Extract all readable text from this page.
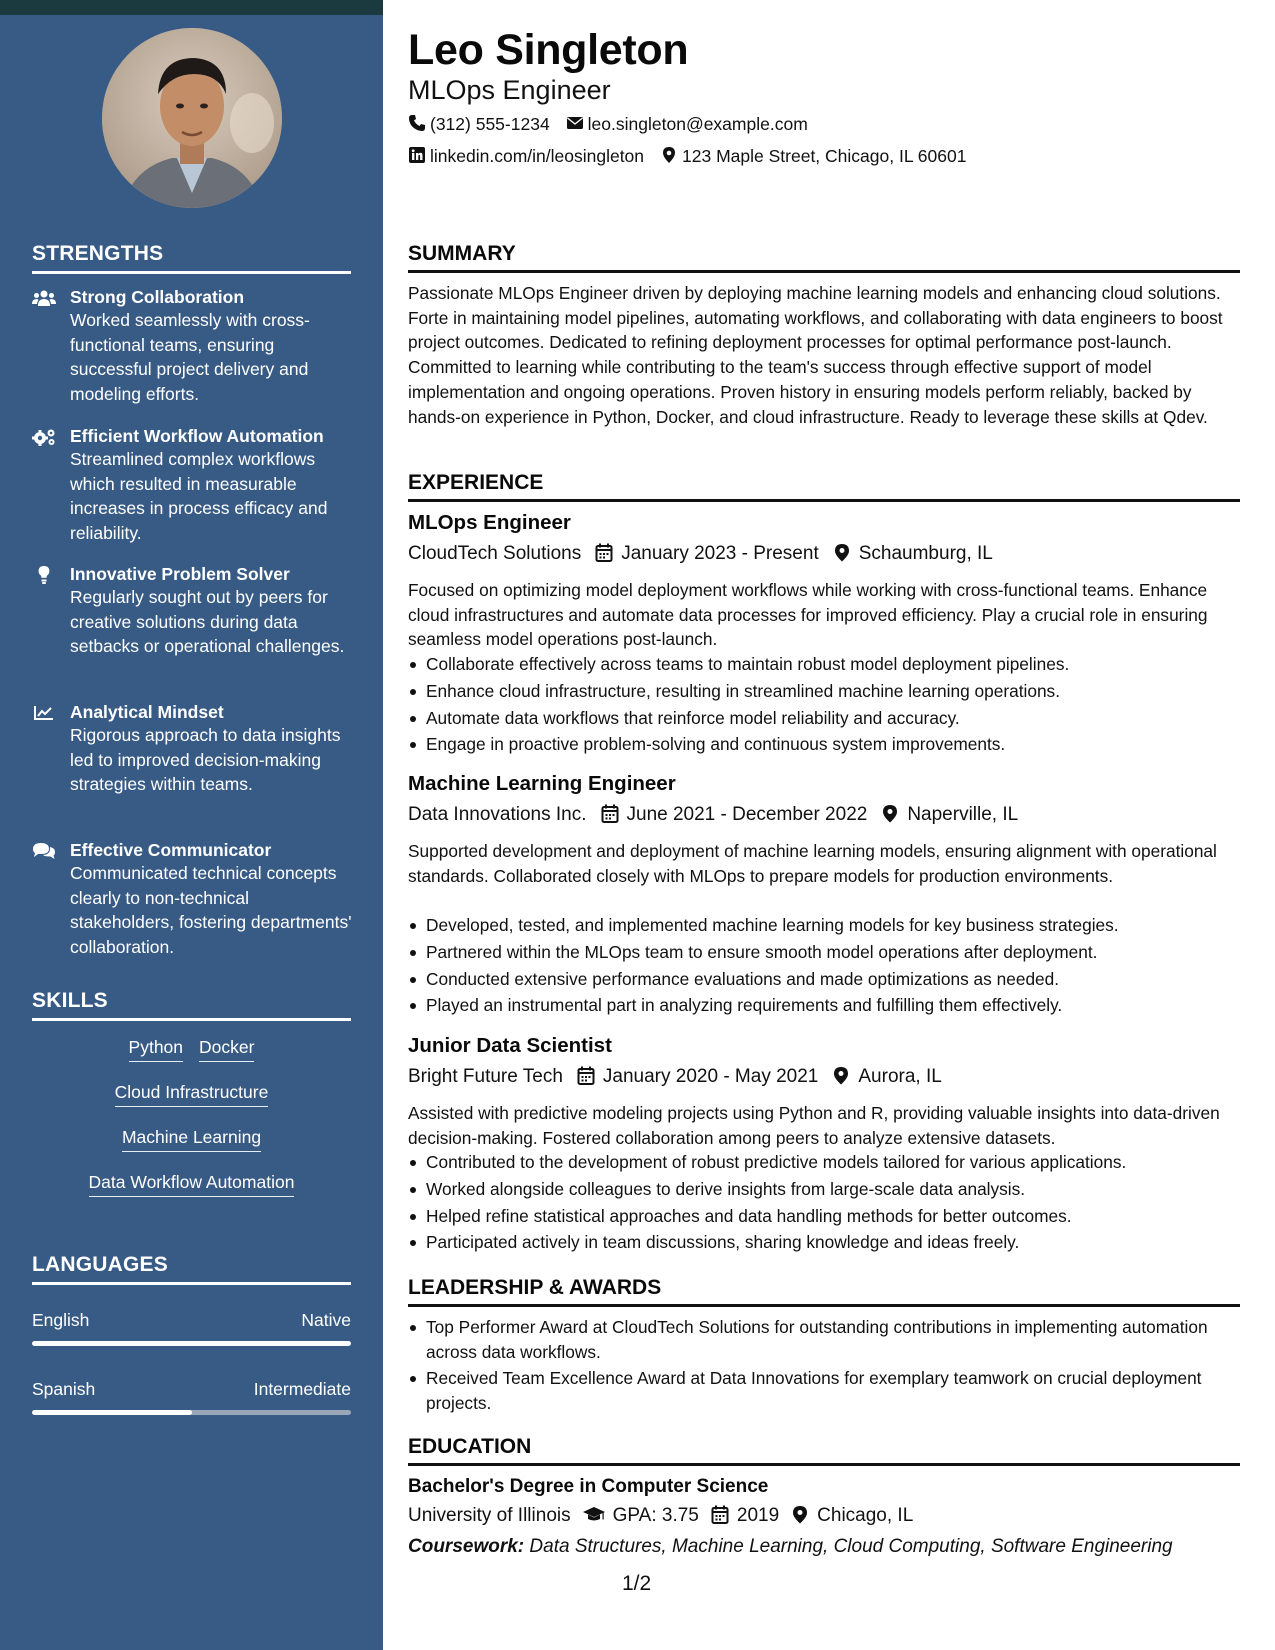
STRENGTHS
Strong Collaboration
Worked seamlessly with cross-functional teams, ensuring successful project delivery and modeling efforts.
Efficient Workflow Automation
Streamlined complex workflows which resulted in measurable increases in process efficacy and reliability.
Innovative Problem Solver
Regularly sought out by peers for creative solutions during data setbacks or operational challenges.
Analytical Mindset
Rigorous approach to data insights led to improved decision-making strategies within teams.
Effective Communicator
Communicated technical concepts clearly to non-technical stakeholders, fostering departments' collaboration.
SKILLS
Python Docker
Cloud Infrastructure
Machine Learning
Data Workflow Automation
LANGUAGES
English	Native
Spanish	Intermediate
Leo Singleton
MLOps Engineer
(312) 555-1234 leo.singleton@example.com
linkedin.com/in/leosingleton 123 Maple Street, Chicago, IL 60601
SUMMARY
Passionate MLOps Engineer driven by deploying machine learning models and enhancing cloud solutions. Forte in maintaining model pipelines, automating workflows, and collaborating with data engineers to boost project outcomes. Dedicated to refining deployment processes for optimal performance post-launch. Committed to learning while contributing to the team's success through effective support of model implementation and ongoing operations. Proven history in ensuring models perform reliably, backed by hands-on experience in Python, Docker, and cloud infrastructure. Ready to leverage these skills at Qdev.
EXPERIENCE
MLOps Engineer
CloudTech Solutions January 2023 - Present Schaumburg, IL
Focused on optimizing model deployment workflows while working with cross-functional teams. Enhance cloud infrastructures and automate data processes for improved efficiency. Play a crucial role in ensuring seamless model operations post-launch.
Collaborate effectively across teams to maintain robust model deployment pipelines.
Enhance cloud infrastructure, resulting in streamlined machine learning operations.
Automate data workflows that reinforce model reliability and accuracy.
Engage in proactive problem-solving and continuous system improvements.
Machine Learning Engineer
Data Innovations Inc. June 2021 - December 2022 Naperville, IL
Supported development and deployment of machine learning models, ensuring alignment with operational standards. Collaborated closely with MLOps to prepare models for production environments.
Developed, tested, and implemented machine learning models for key business strategies.
Partnered within the MLOps team to ensure smooth model operations after deployment.
Conducted extensive performance evaluations and made optimizations as needed.
Played an instrumental part in analyzing requirements and fulfilling them effectively.
Junior Data Scientist
Bright Future Tech January 2020 - May 2021 Aurora, IL
Assisted with predictive modeling projects using Python and R, providing valuable insights into data-driven decision-making. Fostered collaboration among peers to analyze extensive datasets.
Contributed to the development of robust predictive models tailored for various applications.
Worked alongside colleagues to derive insights from large-scale data analysis.
Helped refine statistical approaches and data handling methods for better outcomes.
Participated actively in team discussions, sharing knowledge and ideas freely.
LEADERSHIP & AWARDS
Top Performer Award at CloudTech Solutions for outstanding contributions in implementing automation across data workflows.
Received Team Excellence Award at Data Innovations for exemplary teamwork on crucial deployment projects.
EDUCATION
Bachelor's Degree in Computer Science
University of Illinois GPA: 3.75 2019 Chicago, IL
Coursework: Data Structures, Machine Learning, Cloud Computing, Software Engineering
1/2
